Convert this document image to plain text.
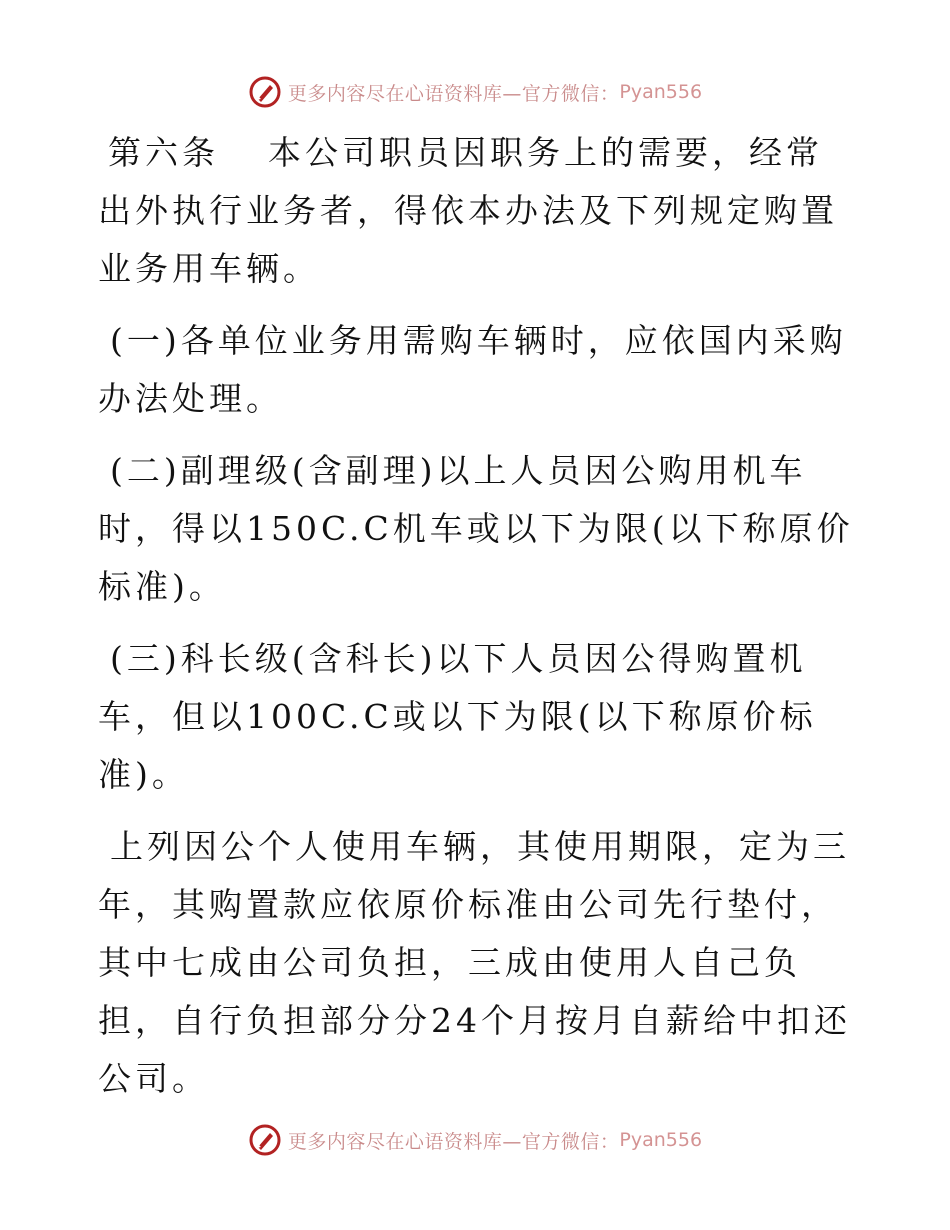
更多内容尽在心语资料库—官方微信： Pyan556

第六条 本公司职员因职务上的需要，经常出外执行业务者，得依本办法及下列规定购置业务用车辆。

(一)各单位业务用需购车辆时，应依国内采购办法处理。

(二)副理级(含副理)以上人员因公购用机车时，得以150C.C机车或以下为限(以下称原价标准)。

(三)科长级(含科长)以下人员因公得购置机车，但以100C.C或以下为限(以下称原价标准)。

上列因公个人使用车辆，其使用期限，定为三年，其购置款应依原价标准由公司先行垫付，其中七成由公司负担，三成由使用人自己负担，自行负担部分分24个月按月自薪给中扣还公司。

更多内容尽在心语资料库—官方微信： Pyan556
